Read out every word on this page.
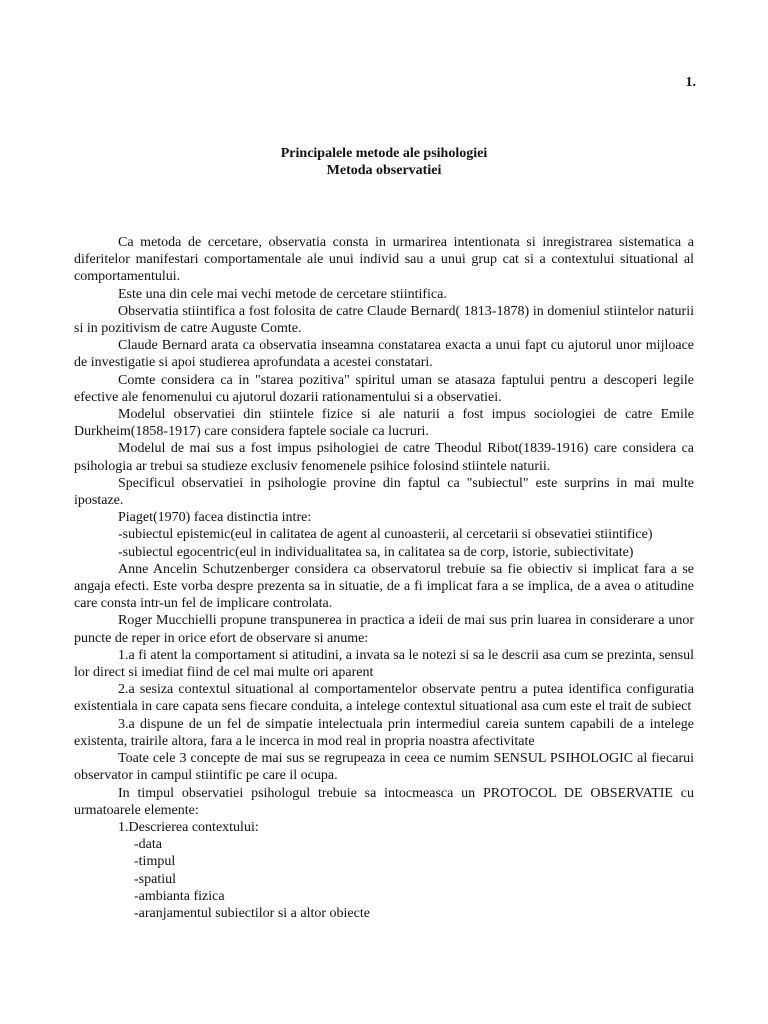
1.
Principalele metode ale psihologiei
Metoda observatiei

Ca metoda de cercetare, observatia consta in urmarirea intentionata si inregistrarea sistematica a diferitelor manifestari comportamentale ale unui individ sau a unui grup cat si a contextului situational al comportamentului.

Este una din cele mai vechi metode de cercetare stiintifica.

Observatia stiintifica a fost folosita de catre Claude Bernard( 1813-1878) in domeniul stiintelor naturii si in pozitivism de catre Auguste Comte.

Claude Bernard arata ca observatia inseamna constatarea exacta a unui fapt cu ajutorul unor mijloace de investigatie si apoi studierea aprofundata a acestei constatari.

Comte considera ca in "starea pozitiva" spiritul uman se atasaza faptului pentru a descoperi legile efective ale fenomenului cu ajutorul dozarii rationamentului si a observatiei.

Modelul observatiei din stiintele fizice si ale naturii a fost impus sociologiei de catre Emile Durkheim(1858-1917) care considera faptele sociale ca lucruri.

Modelul de mai sus a fost impus psihologiei de catre Theodul Ribot(1839-1916) care considera ca psihologia ar trebui sa studieze exclusiv fenomenele psihice folosind stiintele naturii.

Specificul observatiei in psihologie provine din faptul ca "subiectul" este surprins in mai multe ipostaze.

Piaget(1970) facea distinctia intre:

-subiectul epistemic(eul in calitatea de agent al cunoasterii, al cercetarii si obsevatiei stiintifice)

-subiectul egocentric(eul in individualitatea sa, in calitatea sa de corp, istorie, subiectivitate)

Anne Ancelin Schutzenberger considera ca observatorul trebuie sa fie obiectiv si implicat fara a se angaja efecti. Este vorba despre prezenta sa in situatie, de a fi implicat fara a se implica, de a avea o atitudine care consta intr-un fel de implicare controlata.

Roger Mucchielli propune transpunerea in practica a ideii de mai sus prin luarea in considerare a unor puncte de reper in orice efort de observare si anume:

1.a fi atent la comportament si atitudini, a invata sa le notezi si sa le descrii asa cum se prezinta, sensul lor direct si imediat fiind de cel mai multe ori aparent

2.a sesiza contextul situational al comportamentelor observate pentru a putea identifica configuratia existentiala in care capata sens fiecare conduita, a intelege contextul situational asa cum este el trait de subiect

3.a dispune de un fel de simpatie intelectuala prin intermediul careia suntem capabili de a intelege existenta, trairile altora, fara a le incerca in mod real in propria noastra afectivitate

Toate cele 3 concepte de mai sus se regrupeaza in ceea ce numim SENSUL PSIHOLOGIC al fiecarui observator in campul stiintific pe care il ocupa.

In timpul observatiei psihologul trebuie sa intocmeasca un PROTOCOL DE OBSERVATIE cu urmatoarele elemente:

1.Descrierea contextului:

-data

-timpul

-spatiul

-ambianta fizica

-aranjamentul subiectilor si a altor obiecte
